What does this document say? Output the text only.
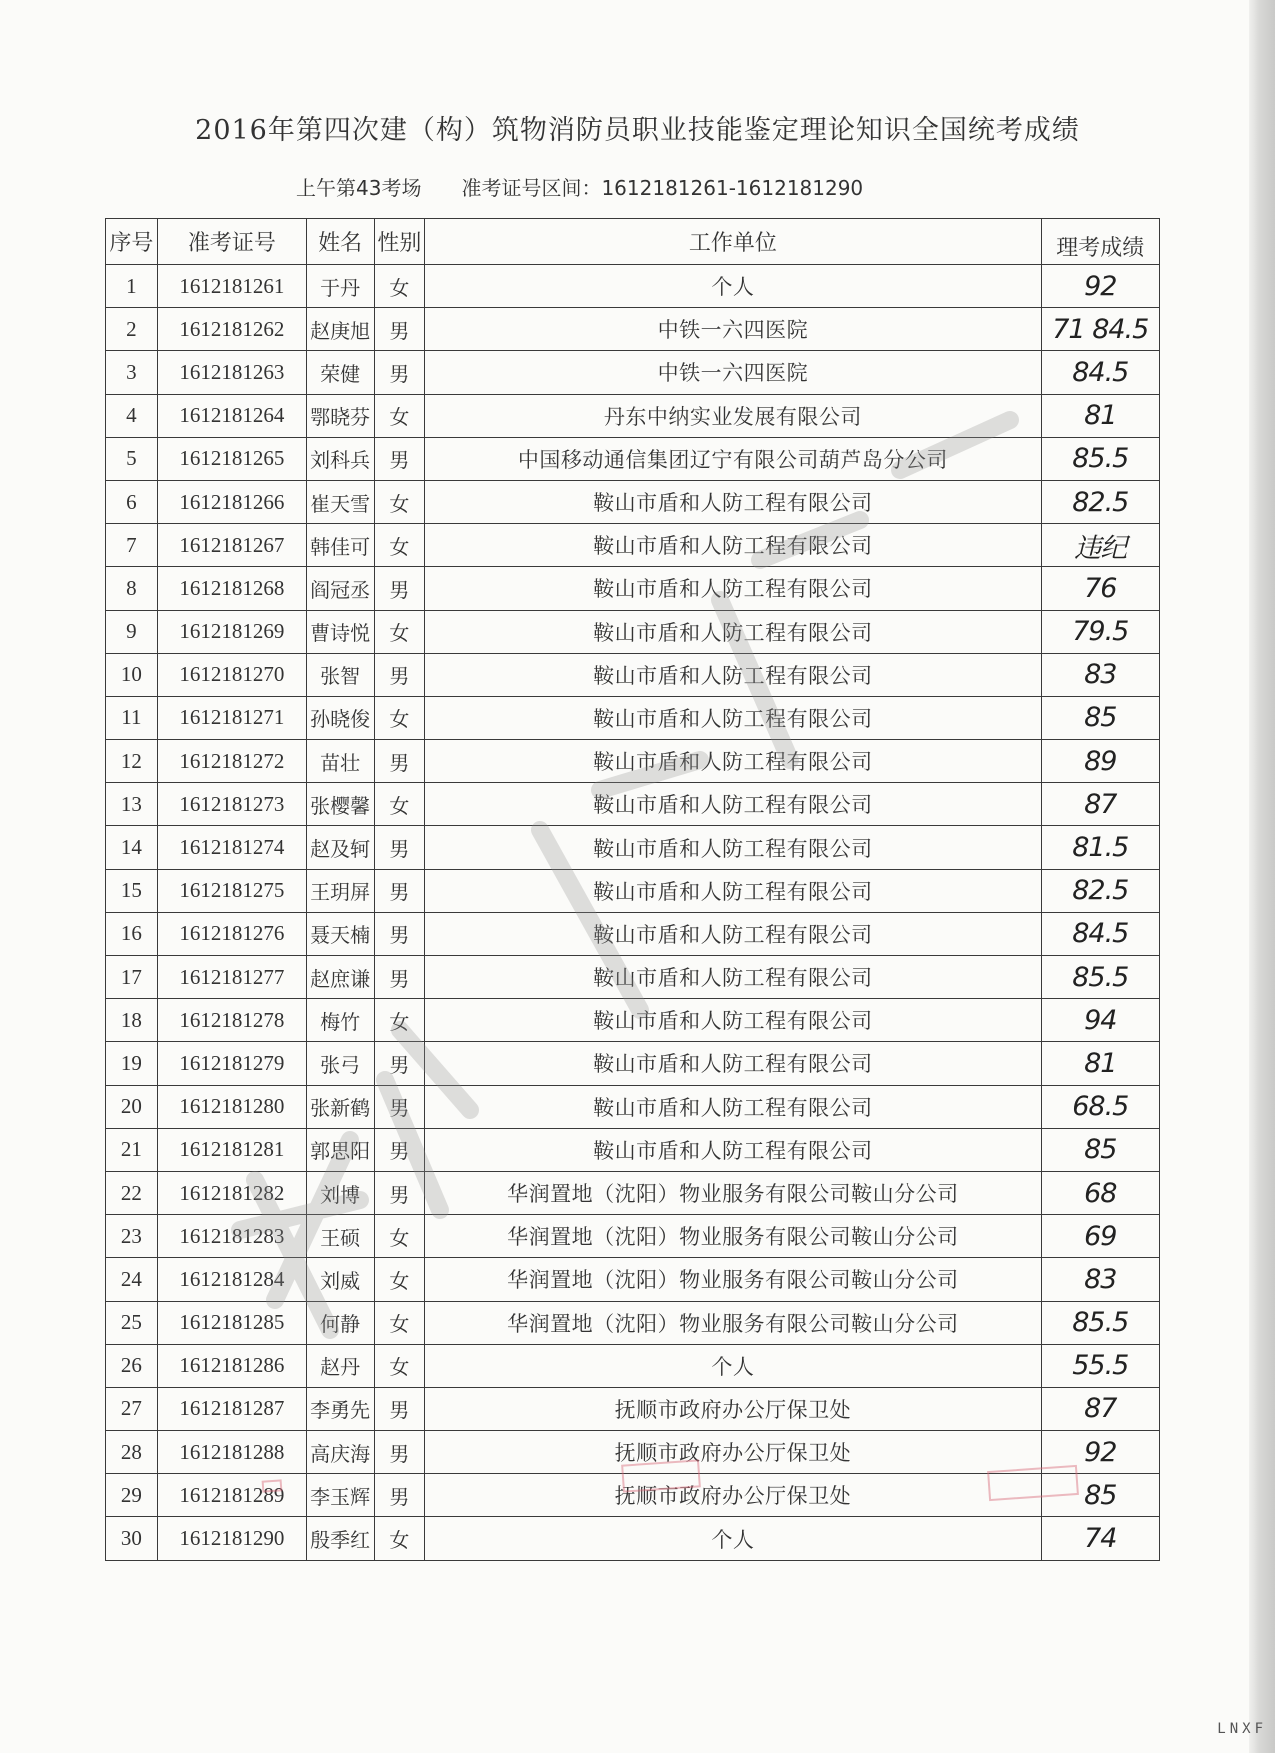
2016年第四次建（构）筑物消防员职业技能鉴定理论知识全国统考成绩
上午第43考场 准考证号区间：1612181261-1612181290
序号	准考证号	姓名	性别	工作单位	理考成绩
1	1612181261	于丹	女	个人	92
2	1612181262	赵庚旭	男	中铁一六四医院	71 84.5
3	1612181263	荣健	男	中铁一六四医院	84.5
4	1612181264	鄂晓芬	女	丹东中纳实业发展有限公司	81
5	1612181265	刘科兵	男	中国移动通信集团辽宁有限公司葫芦岛分公司	85.5
6	1612181266	崔天雪	女	鞍山市盾和人防工程有限公司	82.5
7	1612181267	韩佳可	女	鞍山市盾和人防工程有限公司	违纪
8	1612181268	阎冠丞	男	鞍山市盾和人防工程有限公司	76
9	1612181269	曹诗悦	女	鞍山市盾和人防工程有限公司	79.5
10	1612181270	张智	男	鞍山市盾和人防工程有限公司	83
11	1612181271	孙晓俊	女	鞍山市盾和人防工程有限公司	85
12	1612181272	苗壮	男	鞍山市盾和人防工程有限公司	89
13	1612181273	张樱馨	女	鞍山市盾和人防工程有限公司	87
14	1612181274	赵及轲	男	鞍山市盾和人防工程有限公司	81.5
15	1612181275	王玥屏	男	鞍山市盾和人防工程有限公司	82.5
16	1612181276	聂天楠	男	鞍山市盾和人防工程有限公司	84.5
17	1612181277	赵庶谦	男	鞍山市盾和人防工程有限公司	85.5
18	1612181278	梅竹	女	鞍山市盾和人防工程有限公司	94
19	1612181279	张弓	男	鞍山市盾和人防工程有限公司	81
20	1612181280	张新鹤	男	鞍山市盾和人防工程有限公司	68.5
21	1612181281	郭思阳	男	鞍山市盾和人防工程有限公司	85
22	1612181282	刘博	男	华润置地（沈阳）物业服务有限公司鞍山分公司	68
23	1612181283	王硕	女	华润置地（沈阳）物业服务有限公司鞍山分公司	69
24	1612181284	刘威	女	华润置地（沈阳）物业服务有限公司鞍山分公司	83
25	1612181285	何静	女	华润置地（沈阳）物业服务有限公司鞍山分公司	85.5
26	1612181286	赵丹	女	个人	55.5
27	1612181287	李勇先	男	抚顺市政府办公厅保卫处	87
28	1612181288	高庆海	男	抚顺市政府办公厅保卫处	92
29	1612181289	李玉辉	男	抚顺市政府办公厅保卫处	85
30	1612181290	殷季红	女	个人	74
LNXF
